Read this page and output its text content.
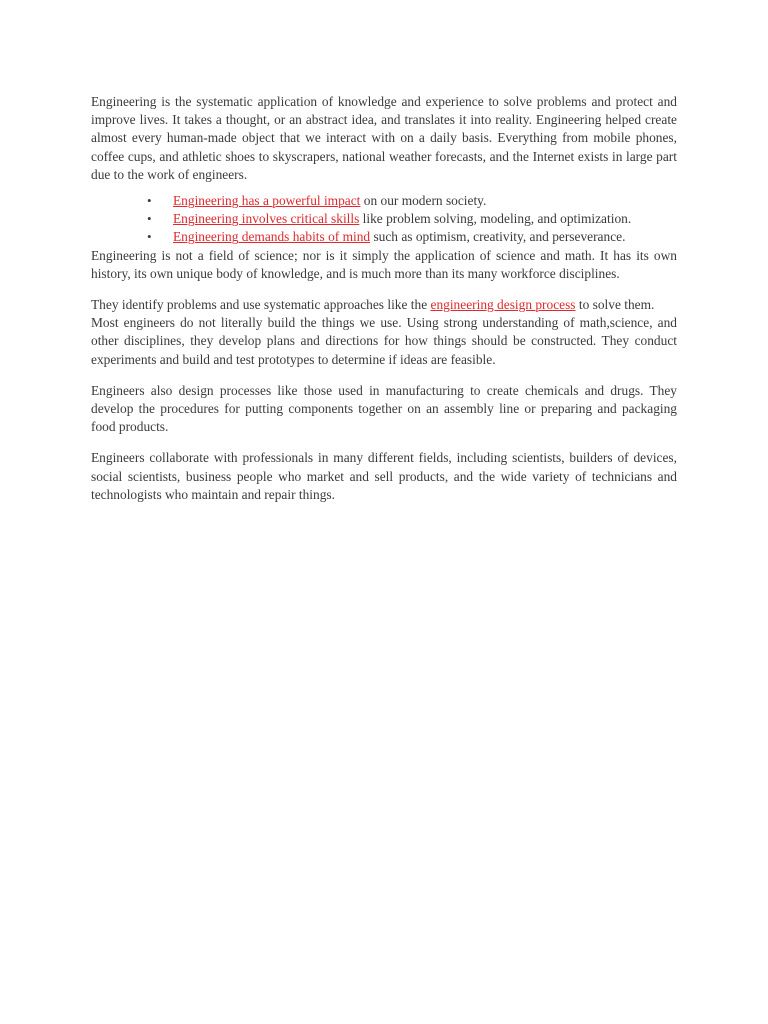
Engineering is the systematic application of knowledge and experience to solve problems and protect and improve lives. It takes a thought, or an abstract idea, and translates it into reality. Engineering helped create almost every human-made object that we interact with on a daily basis. Everything from mobile phones, coffee cups, and athletic shoes to skyscrapers, national weather forecasts, and the Internet exists in large part due to the work of engineers.

• Engineering has a powerful impact on our modern society.
• Engineering involves critical skills like problem solving, modeling, and optimization.
• Engineering demands habits of mind such as optimism, creativity, and perseverance.

Engineering is not a field of science; nor is it simply the application of science and math. It has its own history, its own unique body of knowledge, and is much more than its many workforce disciplines.

They identify problems and use systematic approaches like the engineering design process to solve them.

Most engineers do not literally build the things we use. Using strong understanding of math,science, and other disciplines, they develop plans and directions for how things should be constructed. They conduct experiments and build and test prototypes to determine if ideas are feasible.

Engineers also design processes like those used in manufacturing to create chemicals and drugs. They develop the procedures for putting components together on an assembly line or preparing and packaging food products.

Engineers collaborate with professionals in many different fields, including scientists, builders of devices, social scientists, business people who market and sell products, and the wide variety of technicians and technologists who maintain and repair things.
